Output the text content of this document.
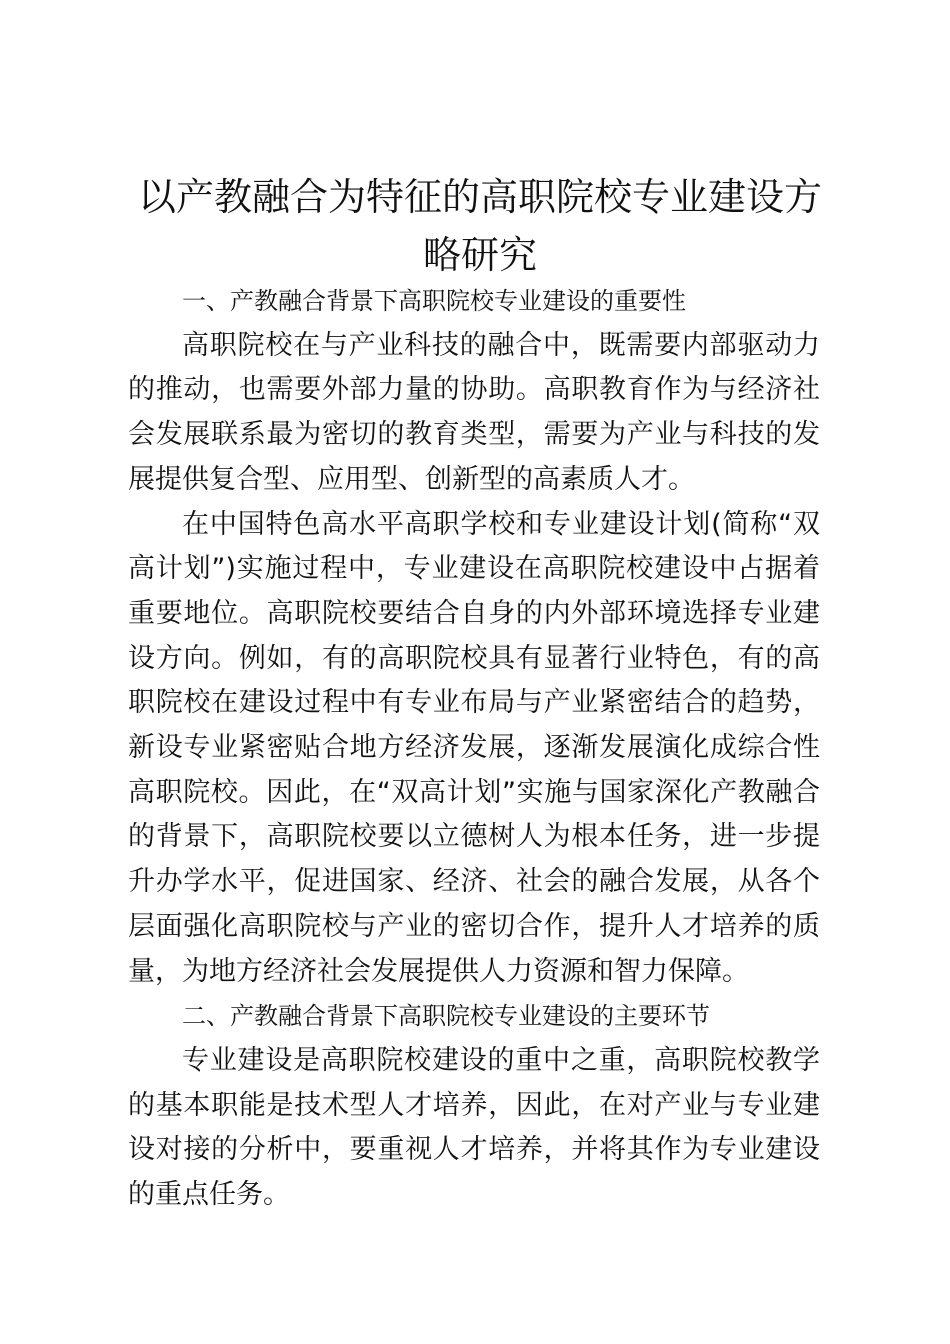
以产教融合为特征的高职院校专业建设方略研究
一、产教融合背景下高职院校专业建设的重要性

高职院校在与产业科技的融合中，既需要内部驱动力的推动，也需要外部力量的协助。高职教育作为与经济社会发展联系最为密切的教育类型，需要为产业与科技的发展提供复合型、应用型、创新型的高素质人才。

在中国特色高水平高职学校和专业建设计划(简称“双高计划”)实施过程中，专业建设在高职院校建设中占据着重要地位。高职院校要结合自身的内外部环境选择专业建设方向。例如，有的高职院校具有显著行业特色，有的高职院校在建设过程中有专业布局与产业紧密结合的趋势，新设专业紧密贴合地方经济发展，逐渐发展演化成综合性高职院校。因此，在“双高计划”实施与国家深化产教融合的背景下，高职院校要以立德树人为根本任务，进一步提升办学水平，促进国家、经济、社会的融合发展，从各个层面强化高职院校与产业的密切合作，提升人才培养的质量，为地方经济社会发展提供人力资源和智力保障。

二、产教融合背景下高职院校专业建设的主要环节

专业建设是高职院校建设的重中之重，高职院校教学的基本职能是技术型人才培养，因此，在对产业与专业建设对接的分析中，要重视人才培养，并将其作为专业建设的重点任务。
